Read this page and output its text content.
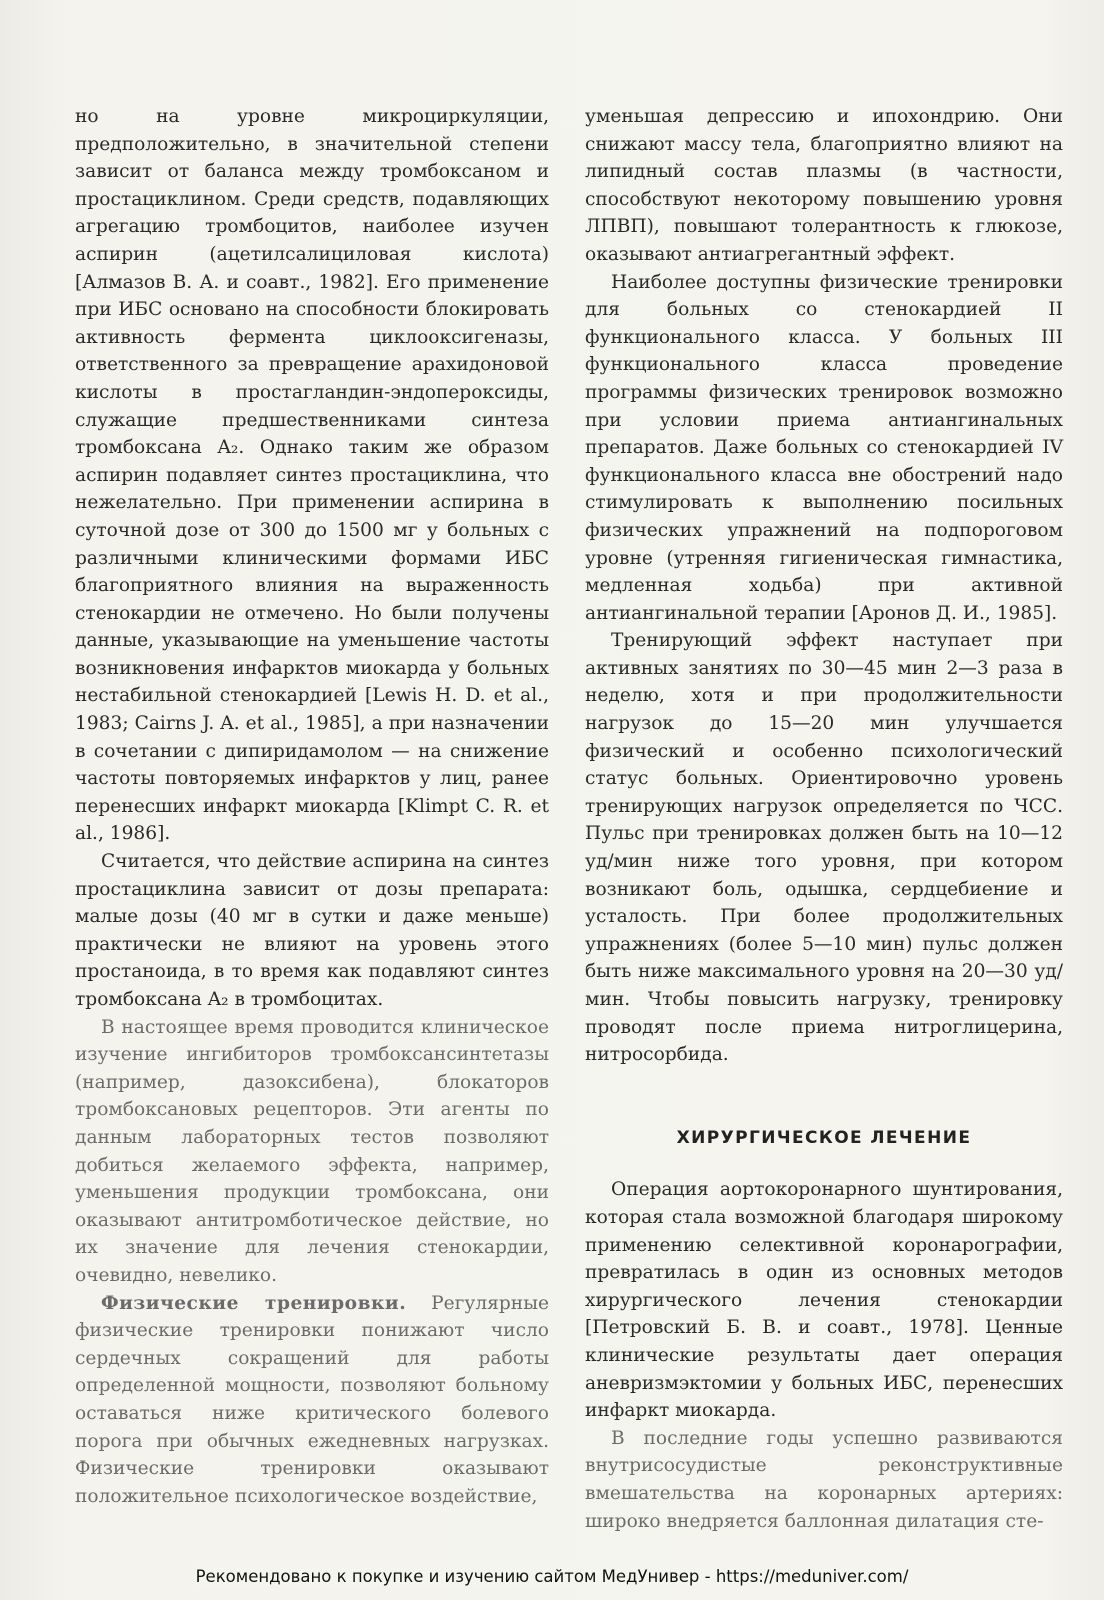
но на уровне микроциркуляции, предположительно, в значительной степени зависит от баланса между тромбоксаном и простациклином. Среди средств, подавляющих агрегацию тромбоцитов, наиболее изучен аспирин (ацетилсалициловая кислота) [Алмазов В. А. и соавт., 1982]. Его применение при ИБС основано на способности блокировать активность фермента циклооксигеназы, ответственного за превращение арахидоновой кислоты в простагландин-эндопероксиды, служащие предшественниками синтеза тромбоксана A₂. Однако таким же образом аспирин подавляет синтез простациклина, что нежелательно. При применении аспирина в суточной дозе от 300 до 1500 мг у больных с различными клиническими формами ИБС благоприятного влияния на выраженность стенокардии не отмечено. Но были получены данные, указывающие на уменьшение частоты возникновения инфарктов миокарда у больных нестабильной стенокардией [Lewis H. D. et al., 1983; Cairns J. A. et al., 1985], а при назначении в сочетании с дипиридамолом — на снижение частоты повторяемых инфарктов у лиц, ранее перенесших инфаркт миокарда [Klimpt C. R. et al., 1986].

Считается, что действие аспирина на синтез простациклина зависит от дозы препарата: малые дозы (40 мг в сутки и даже меньше) практически не влияют на уровень этого простаноида, в то время как подавляют синтез тромбоксана A₂ в тромбоцитах.

В настоящее время проводится клиническое изучение ингибиторов тромбоксансинтетазы (например, дазоксибена), блокаторов тромбоксановых рецепторов. Эти агенты по данным лабораторных тестов позволяют добиться желаемого эффекта, например, уменьшения продукции тромбоксана, они оказывают антитромботическое действие, но их значение для лечения стенокардии, очевидно, невелико.

Физические тренировки. Регулярные физические тренировки понижают число сердечных сокращений для работы определенной мощности, позволяют больному оставаться ниже критического болевого порога при обычных ежедневных нагрузках. Физические тренировки оказывают положительное психологическое воздействие,

уменьшая депрессию и ипохондрию. Они снижают массу тела, благоприятно влияют на липидный состав плазмы (в частности, способствуют некоторому повышению уровня ЛПВП), повышают толерантность к глюкозе, оказывают антиагрегантный эффект.

Наиболее доступны физические тренировки для больных со стенокардией II функционального класса. У больных III функционального класса проведение программы физических тренировок возможно при условии приема антиангинальных препаратов. Даже больных со стенокардией IV функционального класса вне обострений надо стимулировать к выполнению посильных физических упражнений на подпороговом уровне (утренняя гигиеническая гимнастика, медленная ходьба) при активной антиангинальной терапии [Аронов Д. И., 1985].

Тренирующий эффект наступает при активных занятиях по 30—45 мин 2—3 раза в неделю, хотя и при продолжительности нагрузок до 15—20 мин улучшается физический и особенно психологический статус больных. Ориентировочно уровень тренирующих нагрузок определяется по ЧСС. Пульс при тренировках должен быть на 10—12 уд/мин ниже того уровня, при котором возникают боль, одышка, сердцебиение и усталость. При более продолжительных упражнениях (более 5—10 мин) пульс должен быть ниже максимального уровня на 20—30 уд/мин. Чтобы повысить нагрузку, тренировку проводят после приема нитроглицерина, нитросорбида.

ХИРУРГИЧЕСКОЕ ЛЕЧЕНИЕ

Операция аортокоронарного шунтирования, которая стала возможной благодаря широкому применению селективной коронарографии, превратилась в один из основных методов хирургического лечения стенокардии [Петровский Б. В. и соавт., 1978]. Ценные клинические результаты дает операция аневризмэктомии у больных ИБС, перенесших инфаркт миокарда.

В последние годы успешно развиваются внутрисосудистые реконструктивные вмешательства на коронарных артериях: широко внедряется баллонная дилатация сте-

Рекомендовано к покупке и изучению сайтом МедУнивер - https://meduniver.com/
